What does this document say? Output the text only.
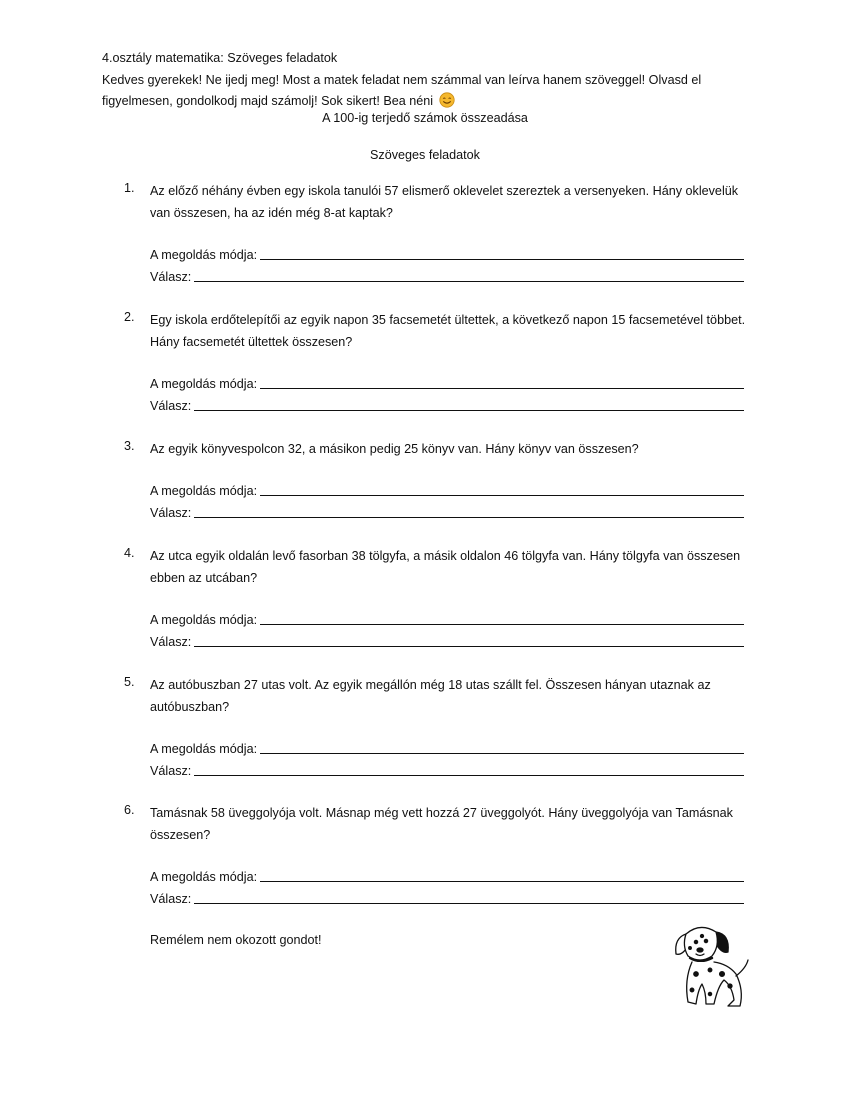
4.osztály matematika: Szöveges feladatok
Kedves gyerekek! Ne ijedj meg! Most a matek feladat nem számmal van leírva hanem szöveggel! Olvasd el figyelmesen, gondolkodj majd számolj! Sok sikert! Bea néni
A 100-ig terjedő számok összeadása
Szöveges feladatok
1. Az előző néhány évben egy iskola tanulói 57 elismerő oklevelet szereztek a versenyeken. Hány oklevelük van összesen, ha az idén még 8-at kaptak?
A megoldás módja:
Válasz:
2. Egy iskola erdőtelepítői az egyik napon 35 facsemetét ültettek, a következő napon 15 facsemetével többet. Hány facsemetét ültettek összesen?
A megoldás módja:
Válasz:
3. Az egyik könyvespolcon 32, a másikon pedig 25 könyv van. Hány könyv van összesen?
A megoldás módja:
Válasz:
4. Az utca egyik oldalán levő fasorban 38 tölgyfa, a másik oldalon 46 tölgyfa van. Hány tölgyfa van összesen ebben az utcában?
A megoldás módja:
Válasz:
5. Az autóbuszban 27 utas volt. Az egyik megállón még 18 utas szállt fel. Összesen hányan utaznak az autóbuszban?
A megoldás módja:
Válasz:
6. Tamásnak 58 üveggolyója volt. Másnap még vett hozzá 27 üveggolyót. Hány üveggolyója van Tamásnak összesen?
A megoldás módja:
Válasz:
Remélem nem okozott gondot!
